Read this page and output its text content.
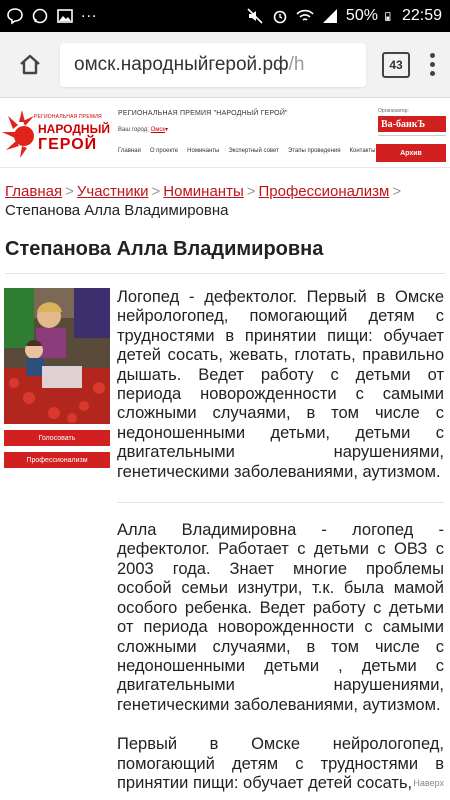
...	50% 22:59
омск.народныйгерой.рф /h	43
РЕГИОНАЛЬНАЯ ПРЕМИЯ
НАРОДНЫЙ
ГЕРОЙ
РЕГИОНАЛЬНАЯ ПРЕМИЯ "НАРОДНЫЙ ГЕРОЙ"
Ваш город: Омск▾
Главная О проекте Номинанты Экспертный совет Этапы проведения Контакты
Организатор:
Ва-банкЪ
Архив
Главная > Участники > Номинанты > Профессионализм >
Степанова Алла Владимировна
Степанова Алла Владимировна
Голосовать
Профессионализм

Логопед - дефектолог. Первый в Омске нейрологопед, помогающий детям с трудностями в принятии пищи: обучает детей сосать, жевать, глотать, правильно дышать. Ведет работу с детьми от периода новорожденности с самыми сложными случаями, в том числе с недоношенными детьми, детьми с двигательными нарушениями, генетическими заболеваниями, аутизмом.

Алла Владимировна - логопед - дефектолог. Работает с детьми с ОВЗ с 2003 года. Знает многие проблемы особой семьи изнутри, т.к. была мамой особого ребенка. Ведет работу с детьми от периода новорожденности с самыми сложными случаями, в том числе с недоношенными детьми , детьми с двигательными нарушениями, генетическими заболеваниями, аутизмом.

Первый в Омске нейрологопед, помогающий детям с трудностями в принятии пищи: обучает детей сосать, Наверх
